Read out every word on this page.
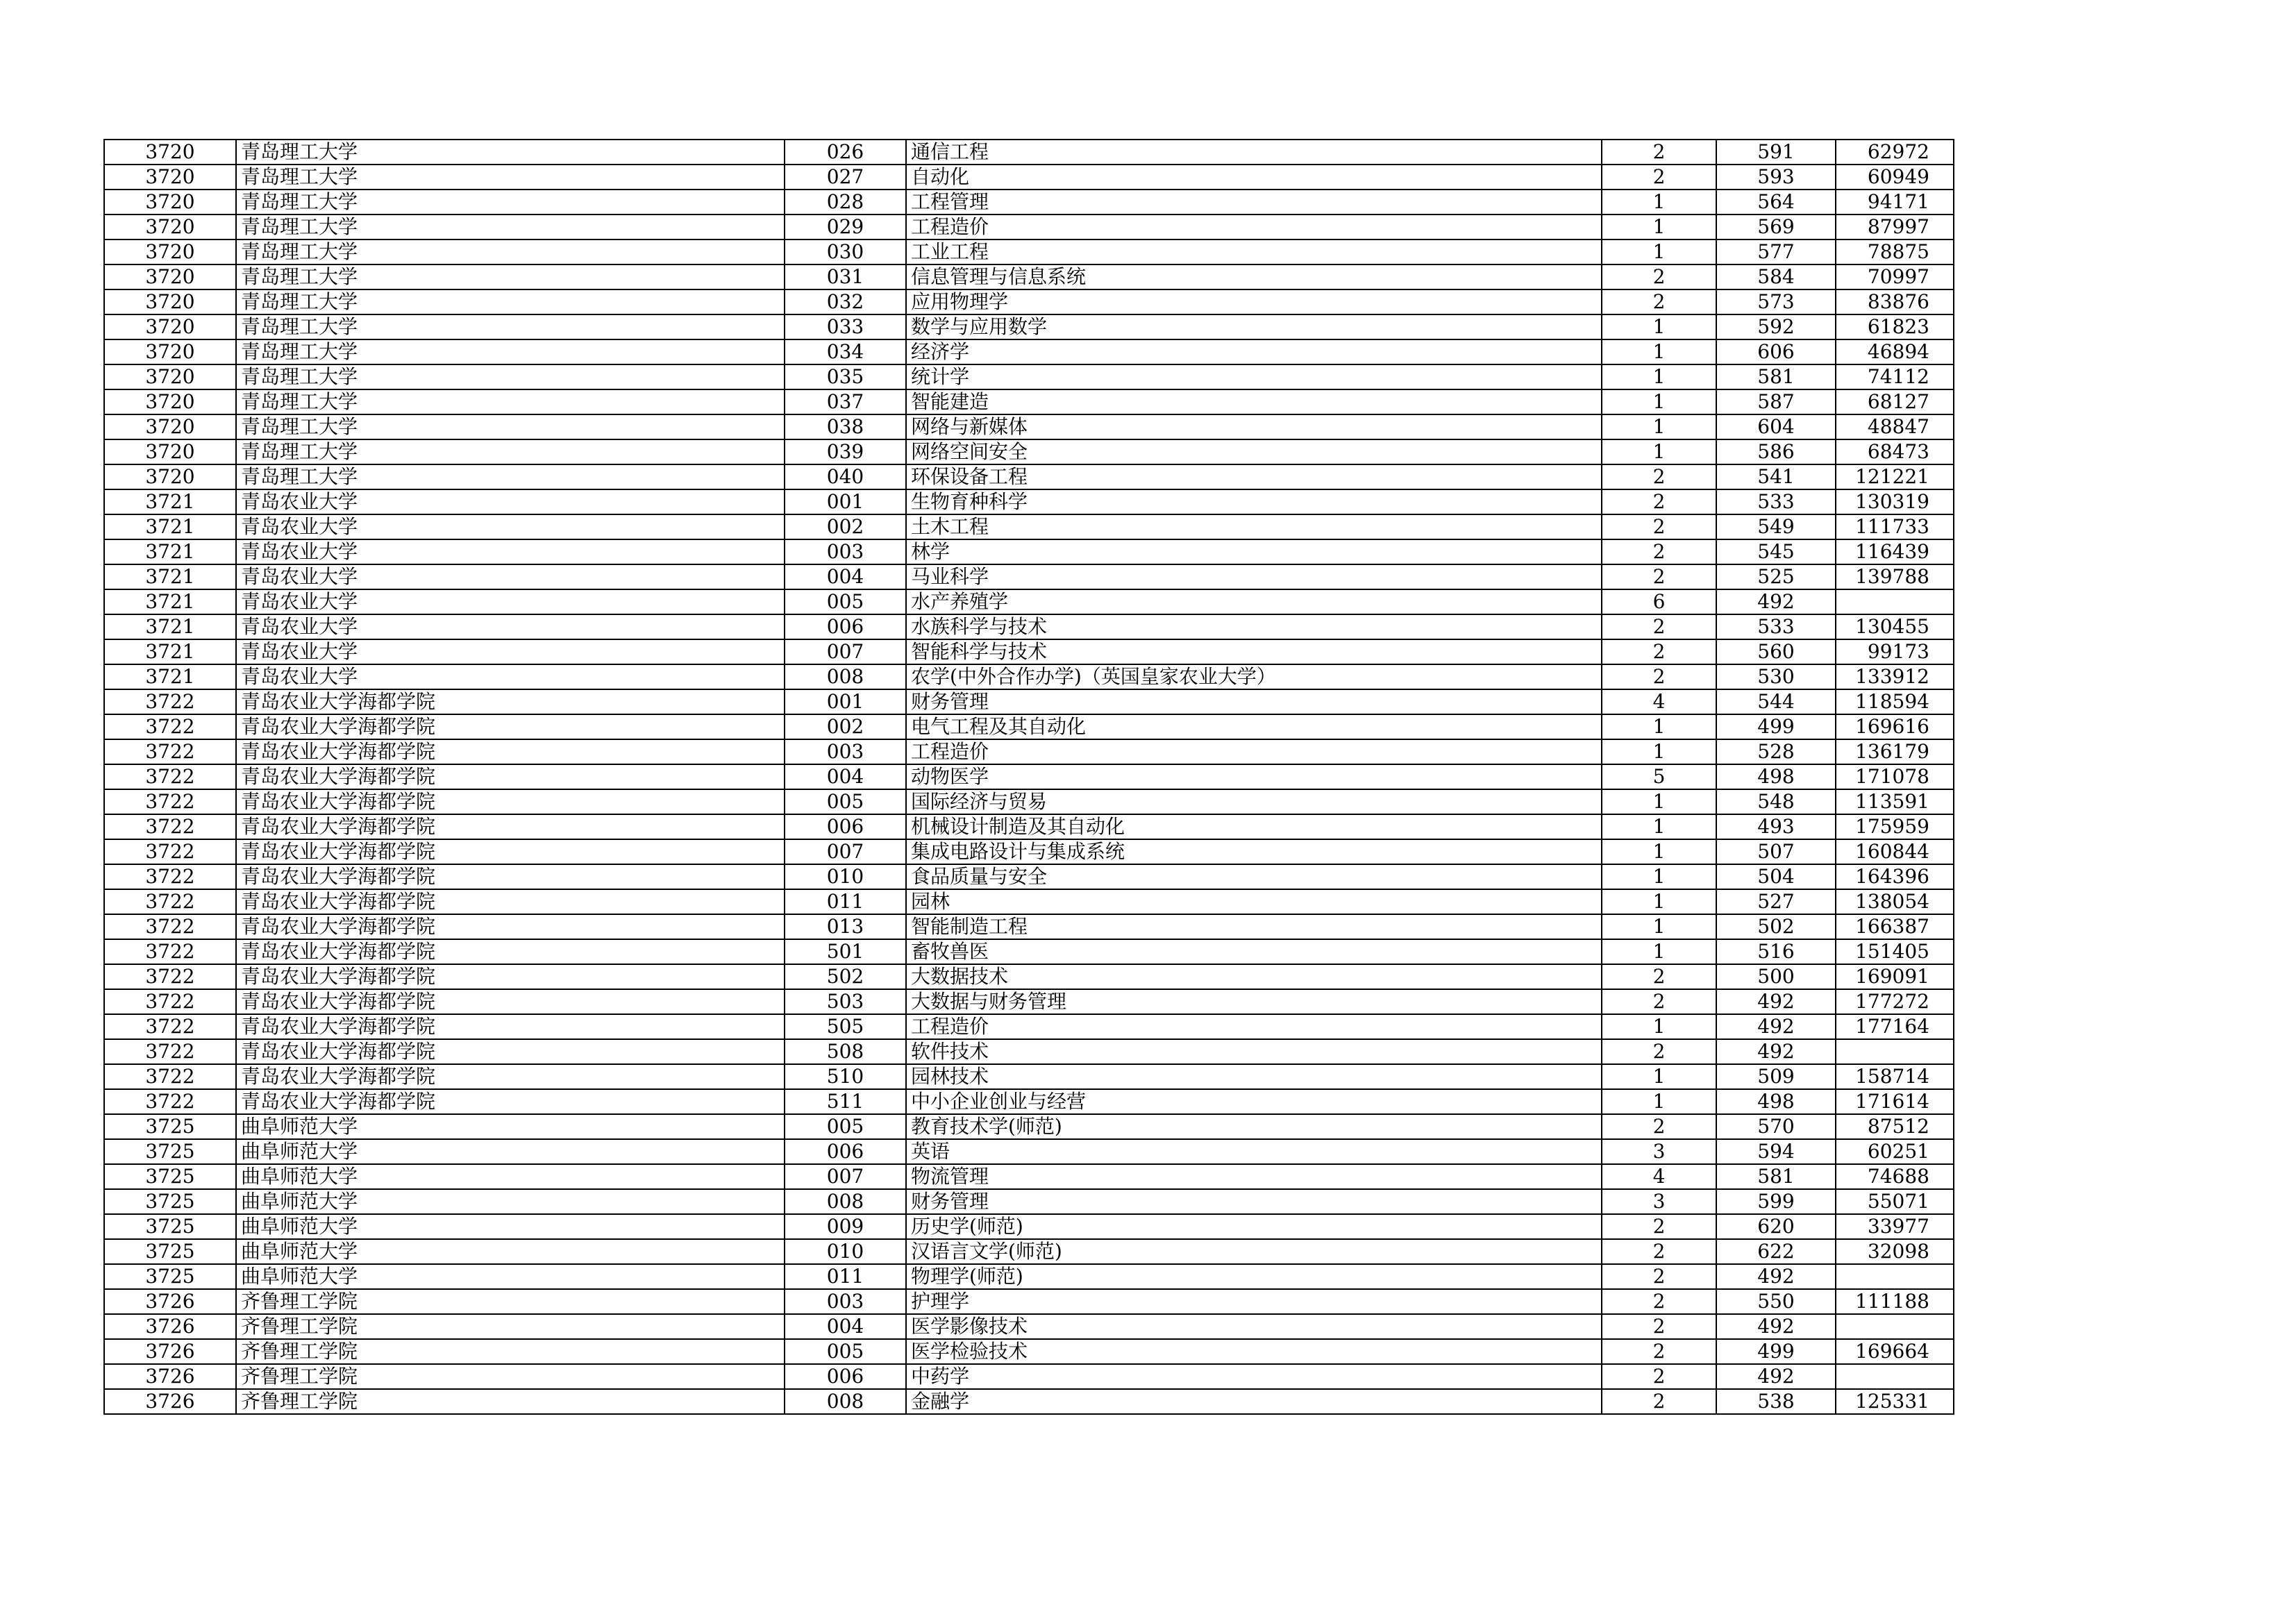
3720	青岛理工大学	026	通信工程	2	591	62972
3720	青岛理工大学	027	自动化	2	593	60949
3720	青岛理工大学	028	工程管理	1	564	94171
3720	青岛理工大学	029	工程造价	1	569	87997
3720	青岛理工大学	030	工业工程	1	577	78875
3720	青岛理工大学	031	信息管理与信息系统	2	584	70997
3720	青岛理工大学	032	应用物理学	2	573	83876
3720	青岛理工大学	033	数学与应用数学	1	592	61823
3720	青岛理工大学	034	经济学	1	606	46894
3720	青岛理工大学	035	统计学	1	581	74112
3720	青岛理工大学	037	智能建造	1	587	68127
3720	青岛理工大学	038	网络与新媒体	1	604	48847
3720	青岛理工大学	039	网络空间安全	1	586	68473
3720	青岛理工大学	040	环保设备工程	2	541	121221
3721	青岛农业大学	001	生物育种科学	2	533	130319
3721	青岛农业大学	002	土木工程	2	549	111733
3721	青岛农业大学	003	林学	2	545	116439
3721	青岛农业大学	004	马业科学	2	525	139788
3721	青岛农业大学	005	水产养殖学	6	492	
3721	青岛农业大学	006	水族科学与技术	2	533	130455
3721	青岛农业大学	007	智能科学与技术	2	560	99173
3721	青岛农业大学	008	农学(中外合作办学)（英国皇家农业大学）	2	530	133912
3722	青岛农业大学海都学院	001	财务管理	4	544	118594
3722	青岛农业大学海都学院	002	电气工程及其自动化	1	499	169616
3722	青岛农业大学海都学院	003	工程造价	1	528	136179
3722	青岛农业大学海都学院	004	动物医学	5	498	171078
3722	青岛农业大学海都学院	005	国际经济与贸易	1	548	113591
3722	青岛农业大学海都学院	006	机械设计制造及其自动化	1	493	175959
3722	青岛农业大学海都学院	007	集成电路设计与集成系统	1	507	160844
3722	青岛农业大学海都学院	010	食品质量与安全	1	504	164396
3722	青岛农业大学海都学院	011	园林	1	527	138054
3722	青岛农业大学海都学院	013	智能制造工程	1	502	166387
3722	青岛农业大学海都学院	501	畜牧兽医	1	516	151405
3722	青岛农业大学海都学院	502	大数据技术	2	500	169091
3722	青岛农业大学海都学院	503	大数据与财务管理	2	492	177272
3722	青岛农业大学海都学院	505	工程造价	1	492	177164
3722	青岛农业大学海都学院	508	软件技术	2	492	
3722	青岛农业大学海都学院	510	园林技术	1	509	158714
3722	青岛农业大学海都学院	511	中小企业创业与经营	1	498	171614
3725	曲阜师范大学	005	教育技术学(师范)	2	570	87512
3725	曲阜师范大学	006	英语	3	594	60251
3725	曲阜师范大学	007	物流管理	4	581	74688
3725	曲阜师范大学	008	财务管理	3	599	55071
3725	曲阜师范大学	009	历史学(师范)	2	620	33977
3725	曲阜师范大学	010	汉语言文学(师范)	2	622	32098
3725	曲阜师范大学	011	物理学(师范)	2	492	
3726	齐鲁理工学院	003	护理学	2	550	111188
3726	齐鲁理工学院	004	医学影像技术	2	492	
3726	齐鲁理工学院	005	医学检验技术	2	499	169664
3726	齐鲁理工学院	006	中药学	2	492	
3726	齐鲁理工学院	008	金融学	2	538	125331
